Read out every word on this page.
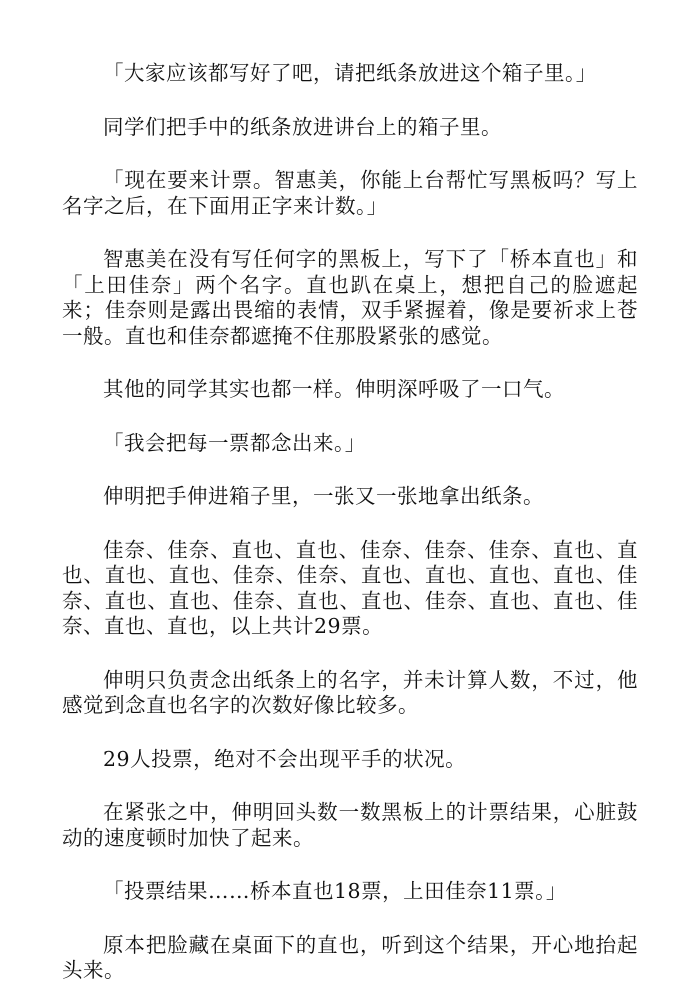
「大家应该都写好了吧，请把纸条放进这个箱子里。」

同学们把手中的纸条放进讲台上的箱子里。

「现在要来计票。智惠美，你能上台帮忙写黑板吗？写上名字之后，在下面用正字来计数。」

智惠美在没有写任何字的黑板上，写下了「桥本直也」和「上田佳奈」两个名字。直也趴在桌上，想把自己的脸遮起来；佳奈则是露出畏缩的表情，双手紧握着，像是要祈求上苍一般。直也和佳奈都遮掩不住那股紧张的感觉。

其他的同学其实也都一样。伸明深呼吸了一口气。

「我会把每一票都念出来。」

伸明把手伸进箱子里，一张又一张地拿出纸条。

佳奈、佳奈、直也、直也、佳奈、佳奈、佳奈、直也、直也、直也、直也、佳奈、佳奈、直也、直也、直也、直也、佳奈、直也、直也、佳奈、直也、直也、佳奈、直也、直也、佳奈、直也、直也，以上共计29票。

伸明只负责念出纸条上的名字，并未计算人数，不过，他感觉到念直也名字的次数好像比较多。

29人投票，绝对不会出现平手的状况。

在紧张之中，伸明回头数一数黑板上的计票结果，心脏鼓动的速度顿时加快了起来。

「投票结果……桥本直也18票，上田佳奈11票。」

原本把脸藏在桌面下的直也，听到这个结果，开心地抬起头来。
